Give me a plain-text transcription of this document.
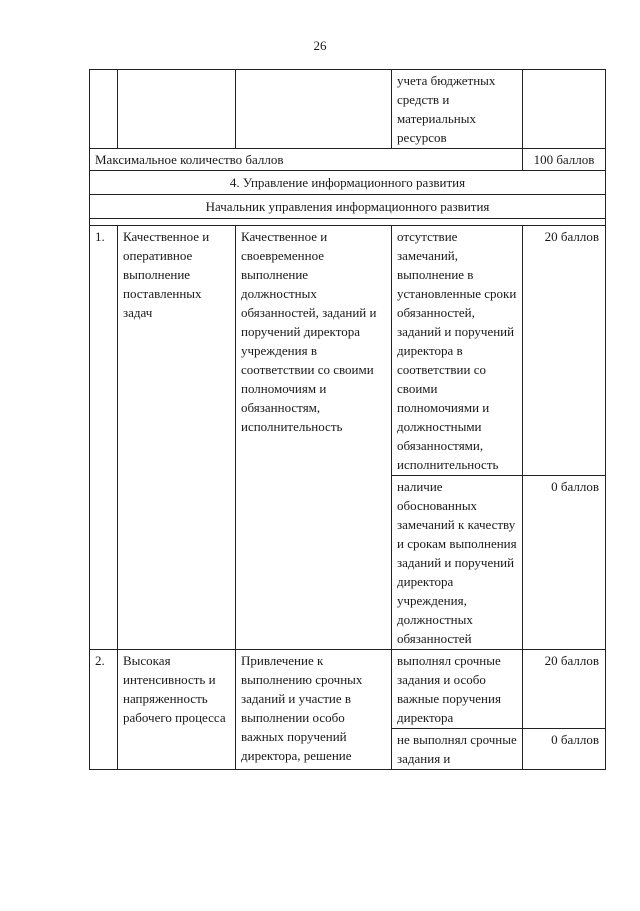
26
			учета бюджетных средств и материальных ресурсов	
Максимальное количество баллов				100 баллов
4. Управление информационного развития				
Начальник управления информационного развития				

1.	Качественное и оперативное выполнение поставленных задач	Качественное и своевременное выполнение должностных обязанностей, заданий и поручений директора учреждения в соответствии со своими полномочиям и обязанностям, исполнительность	отсутствие замечаний, выполнение в установленные сроки обязанностей, заданий и поручений директора в соответствии со своими полномочиями и должностными обязанностями, исполнительность	20 баллов
			наличие обоснованных замечаний к качеству и срокам выполнения заданий и поручений директора учреждения, должностных обязанностей	0 баллов
2.	Высокая интенсивность и напряженность рабочего процесса	Привлечение к выполнению срочных заданий и участие в выполнении особо важных поручений директора, решение	выполнял срочные задания и особо важные поручения директора	20 баллов
			не выполнял срочные задания и	0 баллов
